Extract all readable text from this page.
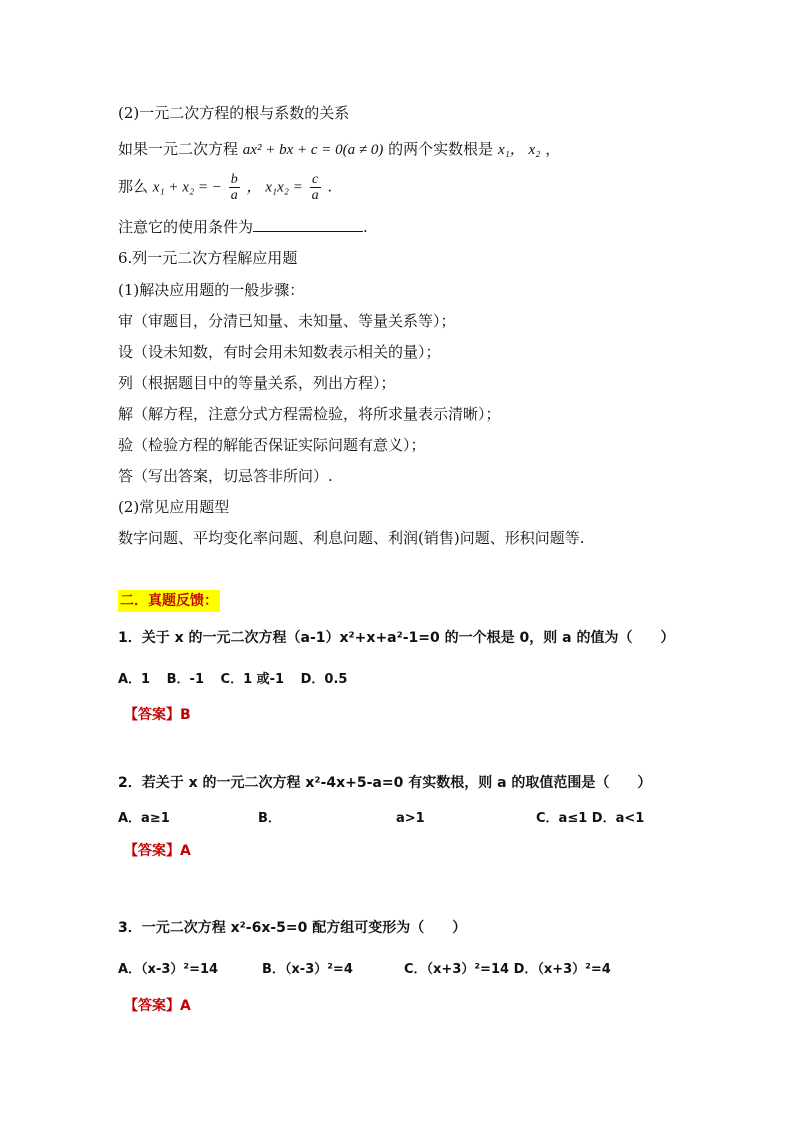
(2)一元二次方程的根与系数的关系
如果一元二次方程 ax² + bx + c = 0(a ≠ 0) 的两个实数根是 x₁， x₂ ，
那么 x₁ + x₂ = − $\frac{b}{a}$ ， $x_1x_2 = \frac{c}{a}$ .
注意它的使用条件为	.
6.列一元二次方程解应用题
(1)解决应用题的一般步骤：
审（审题目，分清已知量、未知量、等量关系等）；
设（设未知数，有时会用未知数表示相关的量）；
列（根据题目中的等量关系，列出方程）；
解（解方程，注意分式方程需检验，将所求量表示清晰）；
验（检验方程的解能否保证实际问题有意义）；
答（写出答案，切忌答非所问）.
(2)常见应用题型
数字问题、平均变化率问题、利息问题、利润(销售)问题、形积问题等.
二．真题反馈：
1．关于 x 的一元二次方程（a-1）x²+x+a²-1=0 的一个根是 0，则 a 的值为（　　）
A．1 B．-1 C．1 或-1 D．0.5
【答案】B
2．若关于 x 的一元二次方程 x²-4x+5-a=0 有实数根，则 a 的取值范围是（　　）
A．a≥1	B．	a>1	C．a≤1 D．a<1
【答案】A
3．一元二次方程 x²-6x-5=0 配方组可变形为（　　）
A．（x-3）²=14	B．（x-3）²=4	C．（x+3）²=14 D．（x+3）²=4
【答案】A
